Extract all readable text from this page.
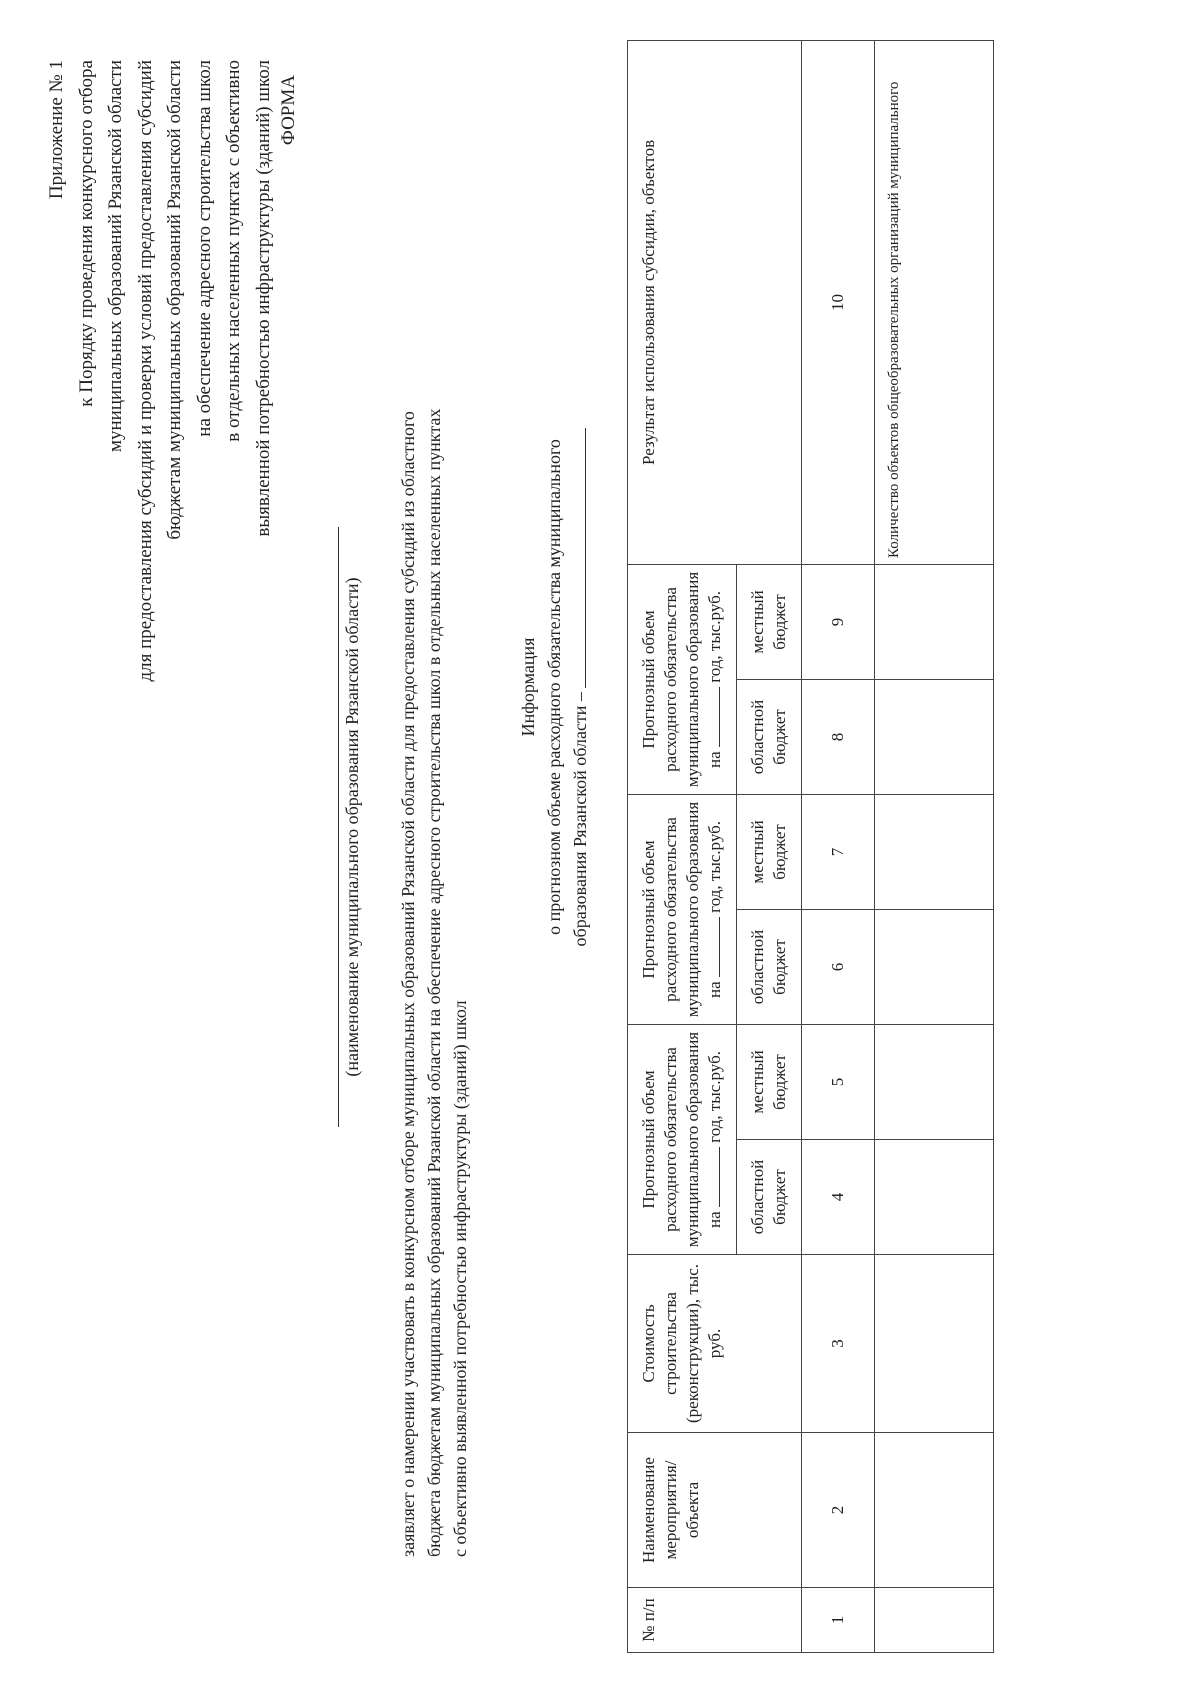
Приложение № 1 к Порядку проведения конкурсного отбора муниципальных образований Рязанской области для предоставления субсидий и проверки условий предоставления субсидий бюджетам муниципальных образований Рязанской области на обеспечение адресного строительства школ в отдельных населенных пунктах с объективно выявленной потребностью инфраструктуры (зданий) школ ФОРМА
(наименование муниципального образования Рязанской области) заявляет о намерении участвовать в конкурсном отборе муниципальных образований Рязанской области для предоставления субсидий из областного бюджета бюджетам муниципальных образований Рязанской области на обеспечение адресного строительства школ в отдельных населенных пунктах с объективно выявленной потребностью инфраструктуры (зданий) школ
Информация о прогнозном объеме расходного обязательства муниципального образования Рязанской области –
№ п/п	Наименование мероприятия/ объекта	Стоимость строительства (реконструкции), тыс. руб.	Прогнозный объем расходного обязательства муниципального образования на  год, тыс.руб.		Прогнозный объем расходного обязательства муниципального образования на  год, тыс.руб.		Прогнозный объем расходного обязательства муниципального образования на  год, тыс.руб.		Результат использования субсидии, объектов
			областной бюджет	местный бюджет	областной бюджет	местный бюджет	областной бюджет	местный бюджет	
1	2	3	4	5	6	7	8	9	10
									Количество объектов общеобразовательных организаций муниципального
